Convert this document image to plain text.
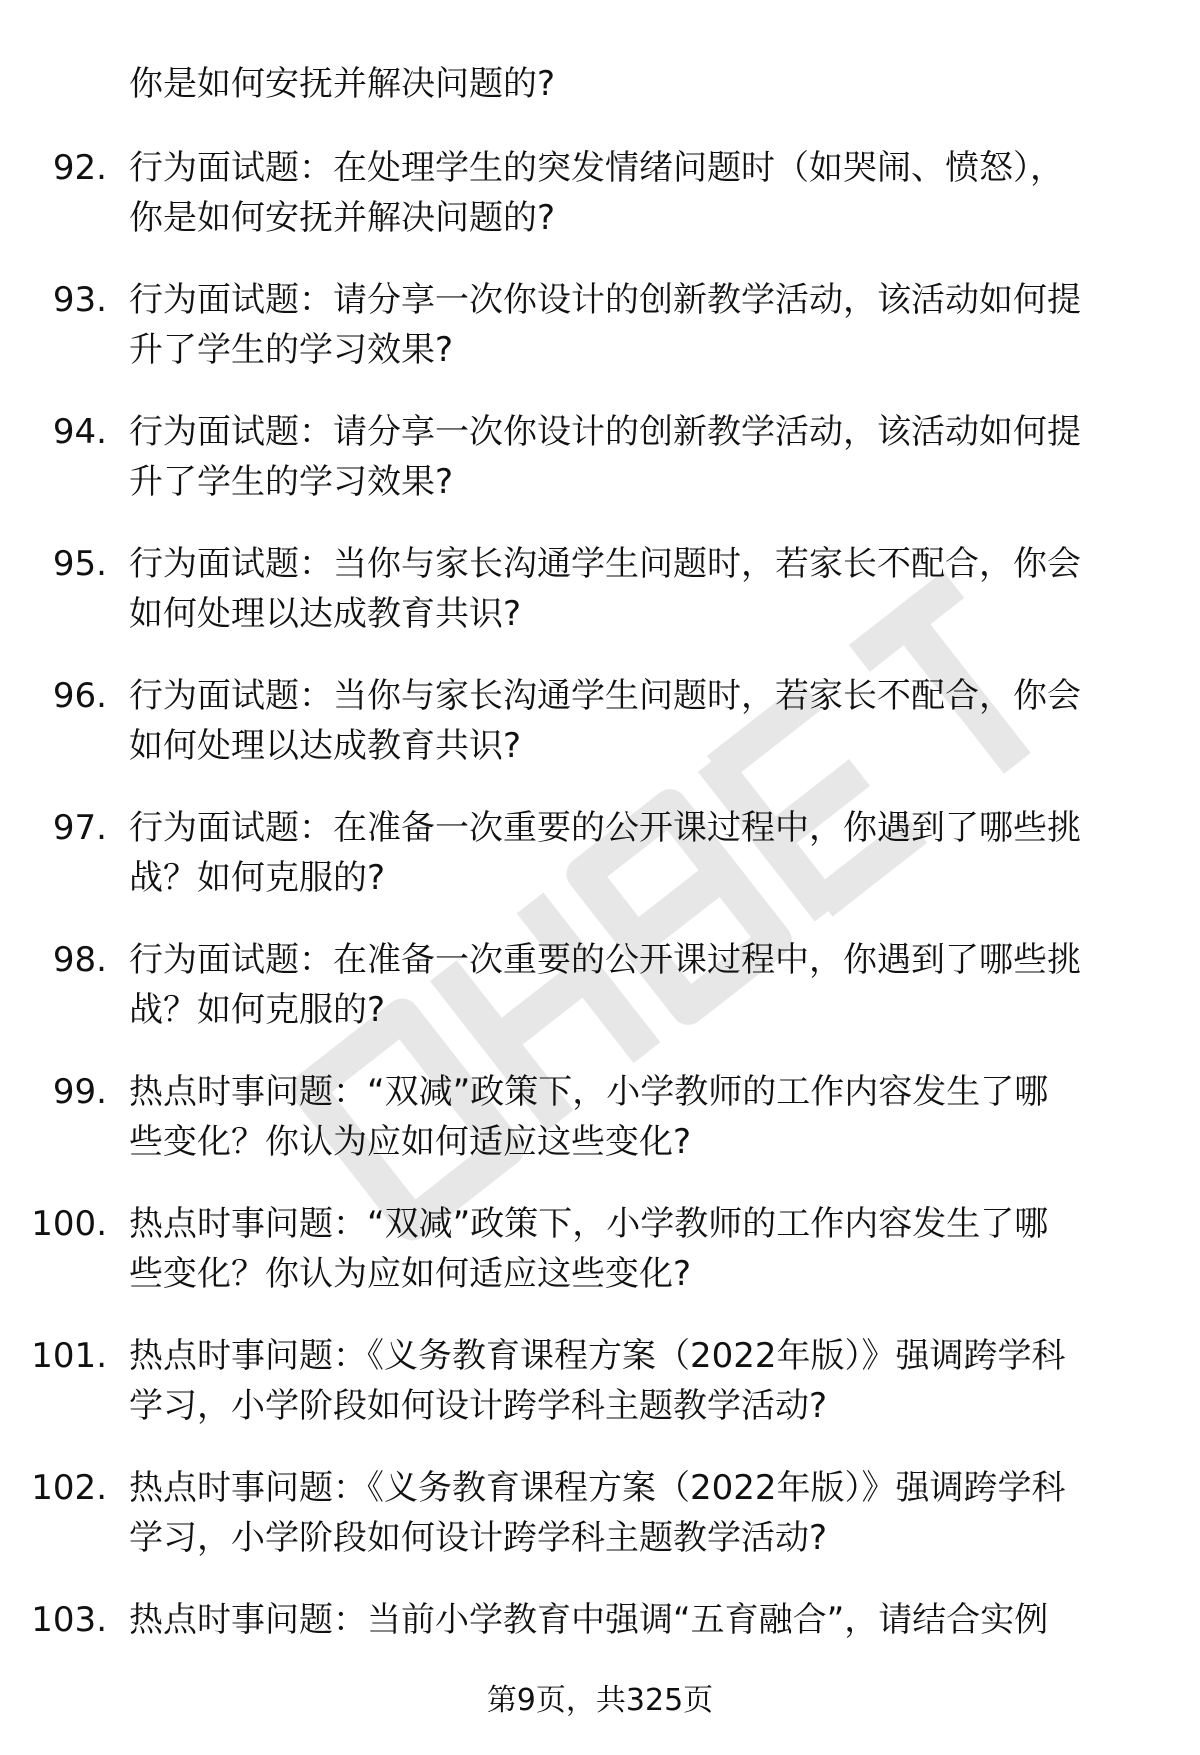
你是如何安抚并解决问题的?
92. 行为面试题：在处理学生的突发情绪问题时（如哭闹、愤怒），
你是如何安抚并解决问题的?
93. 行为面试题：请分享一次你设计的创新教学活动，该活动如何提
升了学生的学习效果?
94. 行为面试题：请分享一次你设计的创新教学活动，该活动如何提
升了学生的学习效果?
95. 行为面试题：当你与家长沟通学生问题时，若家长不配合，你会
如何处理以达成教育共识?
96. 行为面试题：当你与家长沟通学生问题时，若家长不配合，你会
如何处理以达成教育共识?
97. 行为面试题：在准备一次重要的公开课过程中，你遇到了哪些挑
战？如何克服的?
98. 行为面试题：在准备一次重要的公开课过程中，你遇到了哪些挑
战？如何克服的?
99. 热点时事问题：“双减”政策下，小学教师的工作内容发生了哪
些变化？你认为应如何适应这些变化?
100. 热点时事问题：“双减”政策下，小学教师的工作内容发生了哪
些变化？你认为应如何适应这些变化?
101. 热点时事问题：《义务教育课程方案（2022年版）》强调跨学科
学习，小学阶段如何设计跨学科主题教学活动?
102. 热点时事问题：《义务教育课程方案（2022年版）》强调跨学科
学习，小学阶段如何设计跨学科主题教学活动?
103. 热点时事问题：当前小学教育中强调“五育融合”，请结合实例
第9页，共325页
